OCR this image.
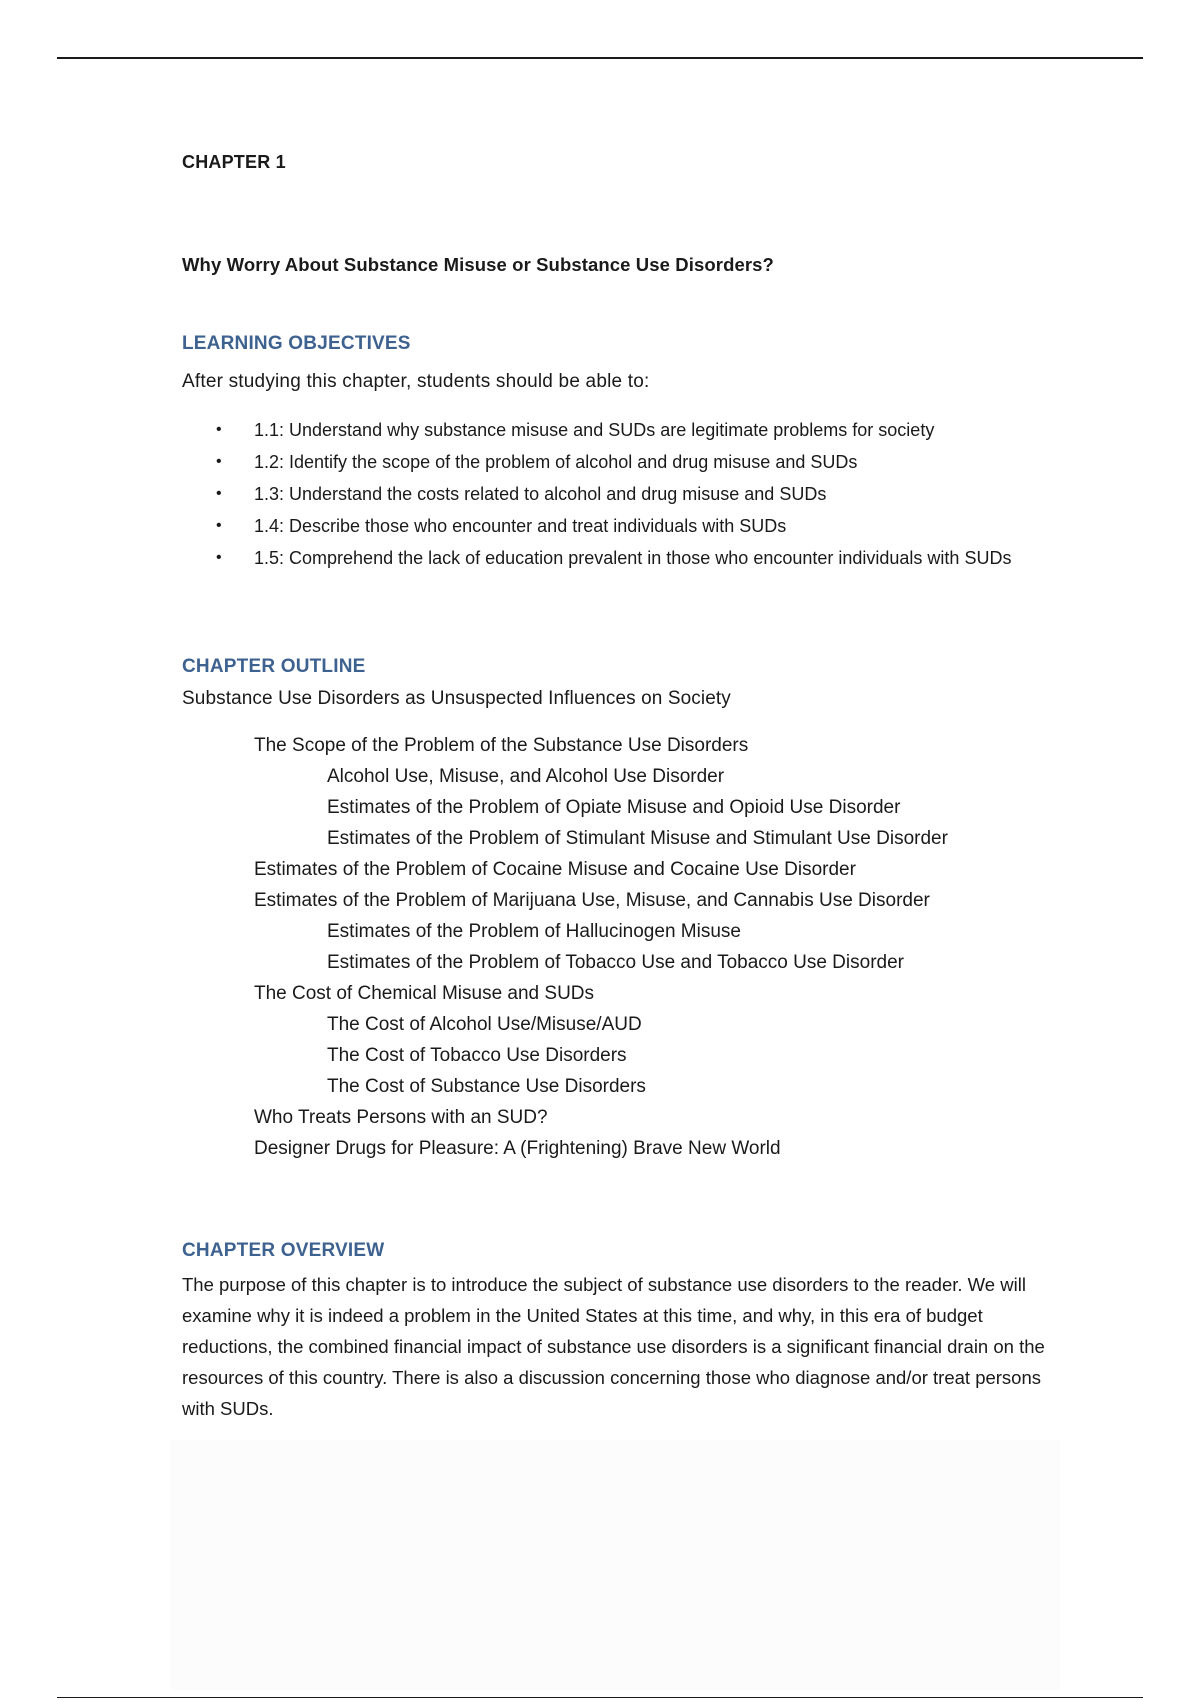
CHAPTER 1
Why Worry About Substance Misuse or Substance Use Disorders?
LEARNING OBJECTIVES
After studying this chapter, students should be able to:
• 1.1: Understand why substance misuse and SUDs are legitimate problems for society
• 1.2: Identify the scope of the problem of alcohol and drug misuse and SUDs
• 1.3: Understand the costs related to alcohol and drug misuse and SUDs
• 1.4: Describe those who encounter and treat individuals with SUDs
• 1.5: Comprehend the lack of education prevalent in those who encounter individuals with SUDs
CHAPTER OUTLINE
Substance Use Disorders as Unsuspected Influences on Society
The Scope of the Problem of the Substance Use Disorders
Alcohol Use, Misuse, and Alcohol Use Disorder
Estimates of the Problem of Opiate Misuse and Opioid Use Disorder
Estimates of the Problem of Stimulant Misuse and Stimulant Use Disorder
Estimates of the Problem of Cocaine Misuse and Cocaine Use Disorder
Estimates of the Problem of Marijuana Use, Misuse, and Cannabis Use Disorder
Estimates of the Problem of Hallucinogen Misuse
Estimates of the Problem of Tobacco Use and Tobacco Use Disorder
The Cost of Chemical Misuse and SUDs
The Cost of Alcohol Use/Misuse/AUD
The Cost of Tobacco Use Disorders
The Cost of Substance Use Disorders
Who Treats Persons with an SUD?
Designer Drugs for Pleasure: A (Frightening) Brave New World
CHAPTER OVERVIEW

The purpose of this chapter is to introduce the subject of substance use disorders to the reader. We will examine why it is indeed a problem in the United States at this time, and why, in this era of budget reductions, the combined financial impact of substance use disorders is a significant financial drain on the resources of this country. There is also a discussion concerning those who diagnose and/or treat persons with SUDs.
